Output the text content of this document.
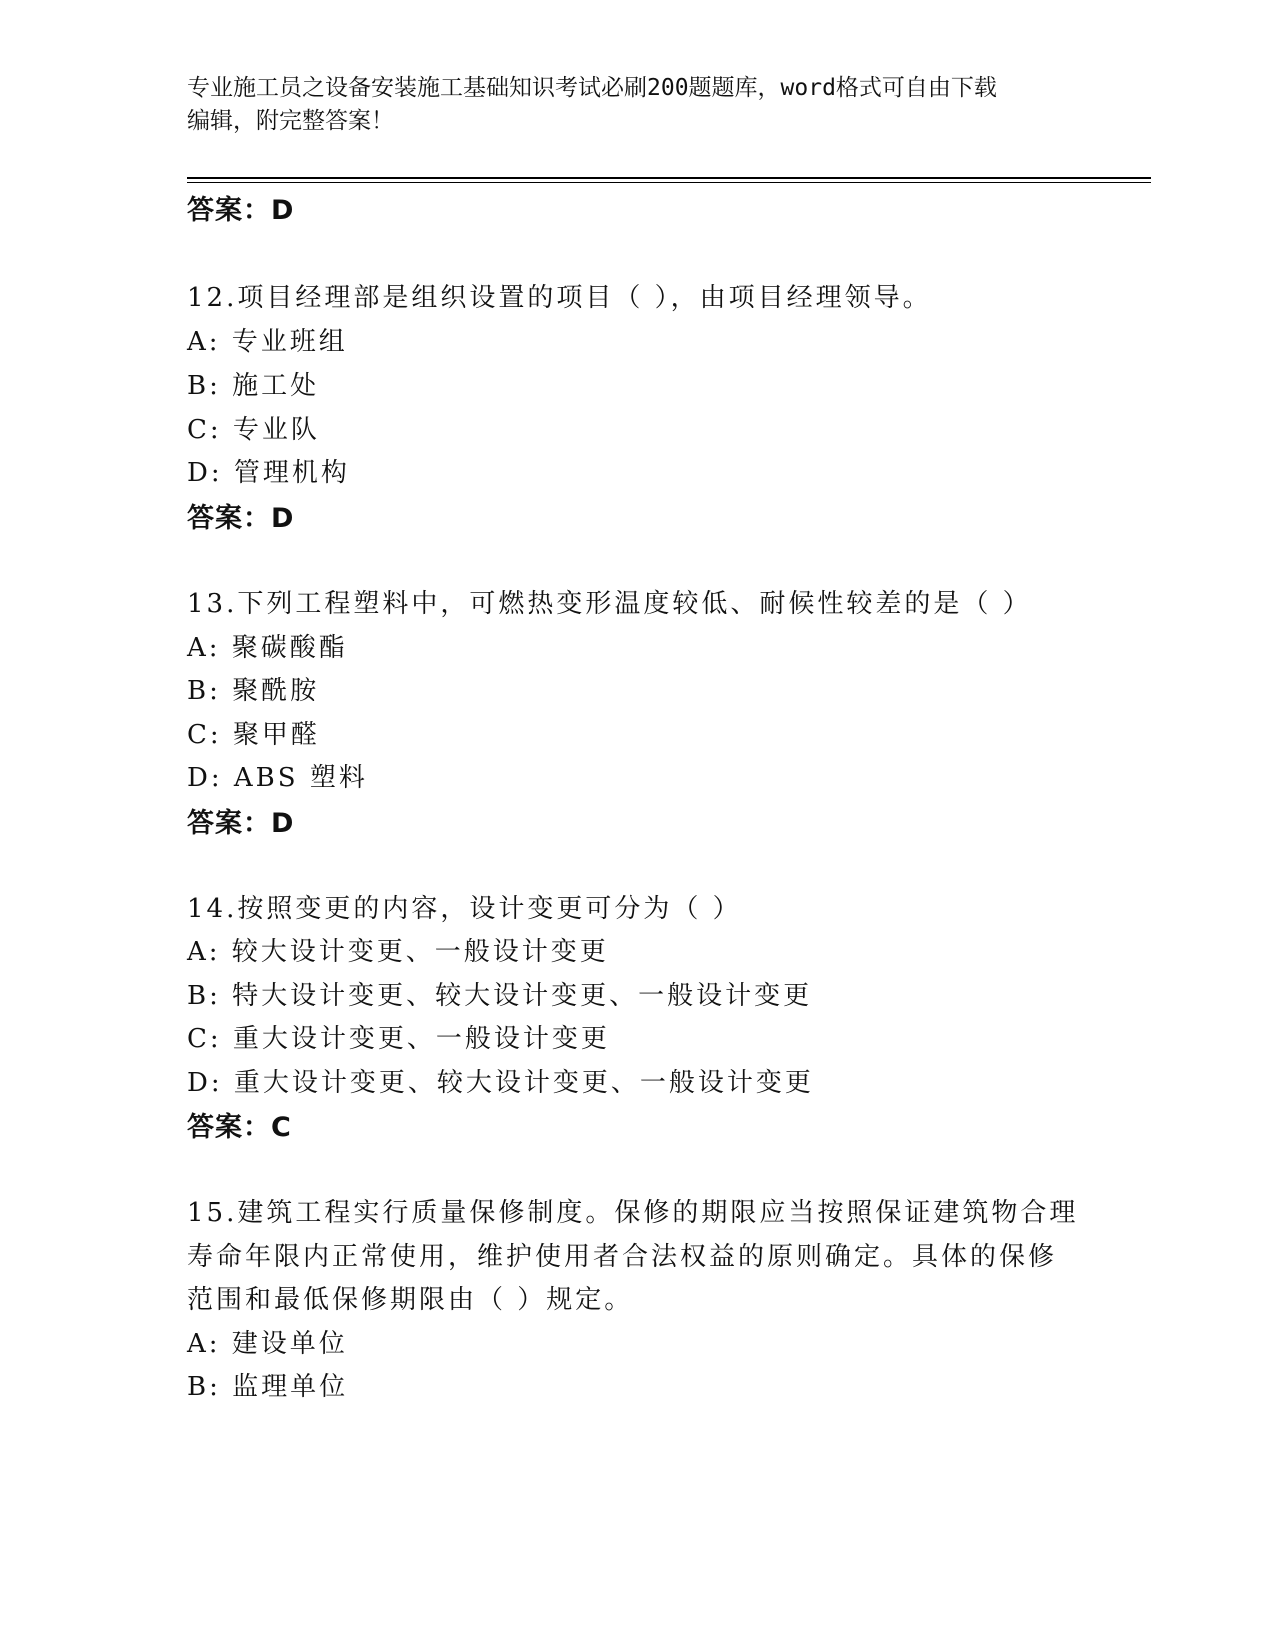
专业施工员之设备安装施工基础知识考试必刷200题题库，word格式可自由下载
编辑，附完整答案！
答案：D
12.项目经理部是组织设置的项目（ ），由项目经理领导。
A: 专业班组
B: 施工处
C: 专业队
D: 管理机构
答案：D
13.下列工程塑料中，可燃热变形温度较低、耐候性较差的是（ ）
A: 聚碳酸酯
B: 聚酰胺
C: 聚甲醛
D: ABS 塑料
答案：D
14.按照变更的内容，设计变更可分为（ ）
A: 较大设计变更、一般设计变更
B: 特大设计变更、较大设计变更、一般设计变更
C: 重大设计变更、一般设计变更
D: 重大设计变更、较大设计变更、一般设计变更
答案：C
15.建筑工程实行质量保修制度。保修的期限应当按照保证建筑物合理
寿命年限内正常使用，维护使用者合法权益的原则确定。具体的保修
范围和最低保修期限由（ ）规定。
A: 建设单位
B: 监理单位
